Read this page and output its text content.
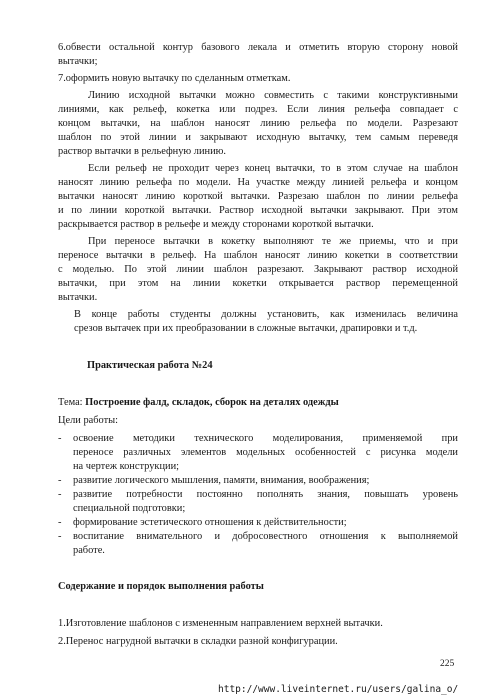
6.обвести остальной контур базового лекала и отметить вторую сторону новой
вытачки;
7.оформить новую вытачку по сделанным отметкам.
Линию исходной вытачки можно совместить с такими конструктивными
линиями, как рельеф, кокетка или подрез. Если линия рельефа совпадает с
концом вытачки, на шаблон наносят линию рельефа по модели. Разрезают
шаблон по этой линии и закрывают исходную вытачку, тем самым переведя
раствор вытачки в рельефную линию.
Если рельеф не проходит через конец вытачки, то в этом случае на шаблон
наносят линию рельефа по модели. На участке между линией рельефа и концом
вытачки наносят линию короткой вытачки. Разрезаю шаблон по линии рельефа
и по линии короткой вытачки. Раствор исходной вытачки закрывают. При этом
раскрывается раствор в рельефе и между сторонами короткой вытачки.
При переносе вытачки в кокетку выполняют те же приемы, что и при
переносе вытачки в рельеф. На шаблон наносят линию кокетки в соответствии
с моделью. По этой линии шаблон разрезают. Закрывают раствор исходной
вытачки, при этом на линии кокетки открывается раствор перемещенной
вытачки.
В конце работы студенты должны установить, как изменилась величина
срезов вытачек при их преобразовании в сложные вытачки, драпировки и т.д.
Практическая работа №24
Тема: Построение фалд, складок, сборок на деталях одежды
Цели работы:
-	освоение методики технического моделирования, применяемой при
переносе различных элементов модельных особенностей с рисунка модели
на чертеж конструкции;
-	развитие логического мышления, памяти, внимания, воображения;
-	развитие потребности постоянно пополнять знания, повышать уровень
специальной подготовки;
-	формирование эстетического отношения к действительности;
-	воспитание внимательного и добросовестного отношения к выполняемой
работе.
Содержание и порядок выполнения работы
1.Изготовление шаблонов с измененным направлением верхней вытачки.
2.Перенос нагрудной вытачки в складки разной конфигурации.
225
http://www.liveinternet.ru/users/galina_o/
